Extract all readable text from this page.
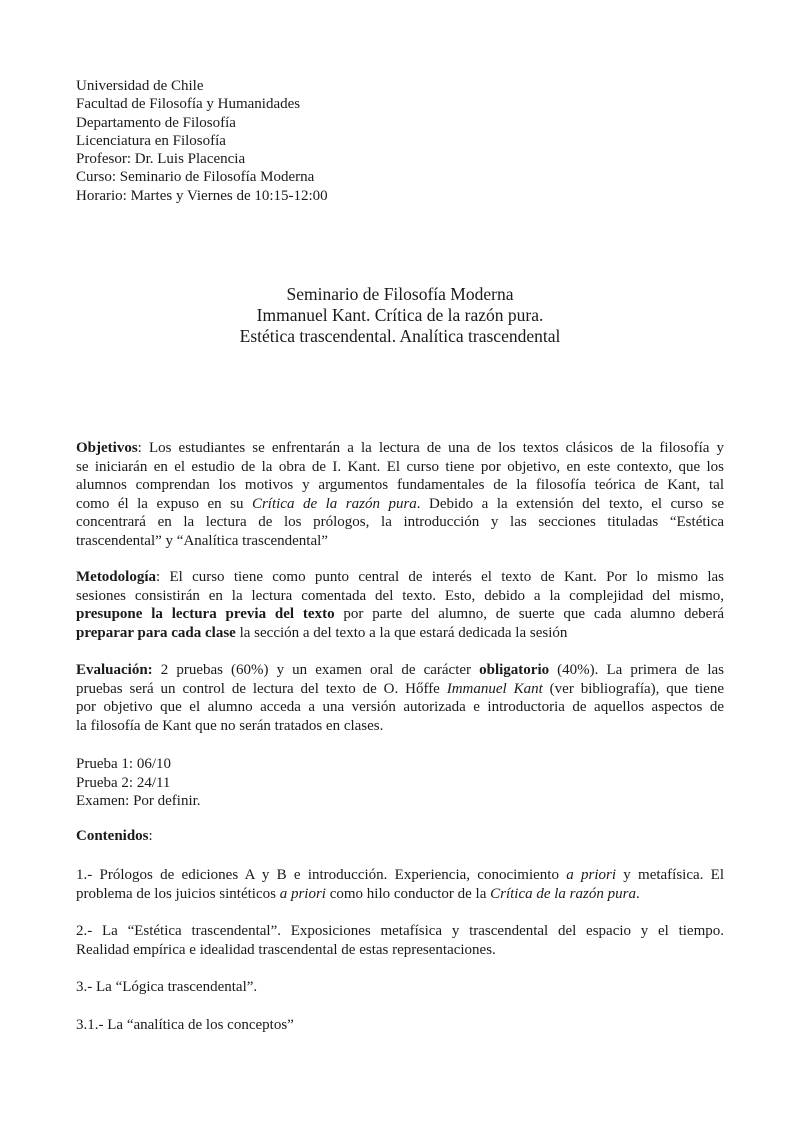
Universidad de Chile
Facultad de Filosofía y Humanidades
Departamento de Filosofía
Licenciatura en Filosofía
Profesor: Dr. Luis Placencia
Curso: Seminario de Filosofía Moderna
Horario: Martes y Viernes de 10:15-12:00
Seminario de Filosofía Moderna
Immanuel Kant. Crítica de la razón pura.
Estética trascendental. Analítica trascendental
Objetivos: Los estudiantes se enfrentarán a la lectura de una de los textos clásicos de la filosofía y
se iniciarán en el estudio de la obra de I. Kant. El curso tiene por objetivo, en este contexto, que los
alumnos comprendan los motivos y argumentos fundamentales de la filosofía teórica de Kant, tal
como él la expuso en su Crítica de la razón pura. Debido a la extensión del texto, el curso se
concentrará en la lectura de los prólogos, la introducción y las secciones tituladas “Estética
trascendental” y “Analítica trascendental”
Metodología: El curso tiene como punto central de interés el texto de Kant. Por lo mismo las
sesiones consistirán en la lectura comentada del texto. Esto, debido a la complejidad del mismo,
presupone la lectura previa del texto por parte del alumno, de suerte que cada alumno deberá
preparar para cada clase la sección a del texto a la que estará dedicada la sesión
Evaluación: 2 pruebas (60%) y un examen oral de carácter obligatorio (40%). La primera de las
pruebas será un control de lectura del texto de O. Hőffe Immanuel Kant (ver bibliografía), que tiene
por objetivo que el alumno acceda a una versión autorizada e introductoria de aquellos aspectos de
la filosofía de Kant que no serán tratados en clases.
Prueba 1: 06/10
Prueba 2: 24/11
Examen: Por definir.
Contenidos:
1.- Prólogos de ediciones A y B e introducción. Experiencia, conocimiento a priori y metafísica. El
problema de los juicios sintéticos a priori como hilo conductor de la Crítica de la razón pura.
2.- La “Estética trascendental”. Exposiciones metafísica y trascendental del espacio y el tiempo.
Realidad empírica e idealidad trascendental de estas representaciones.
3.- La “Lógica trascendental”.
3.1.- La “analítica de los conceptos”
